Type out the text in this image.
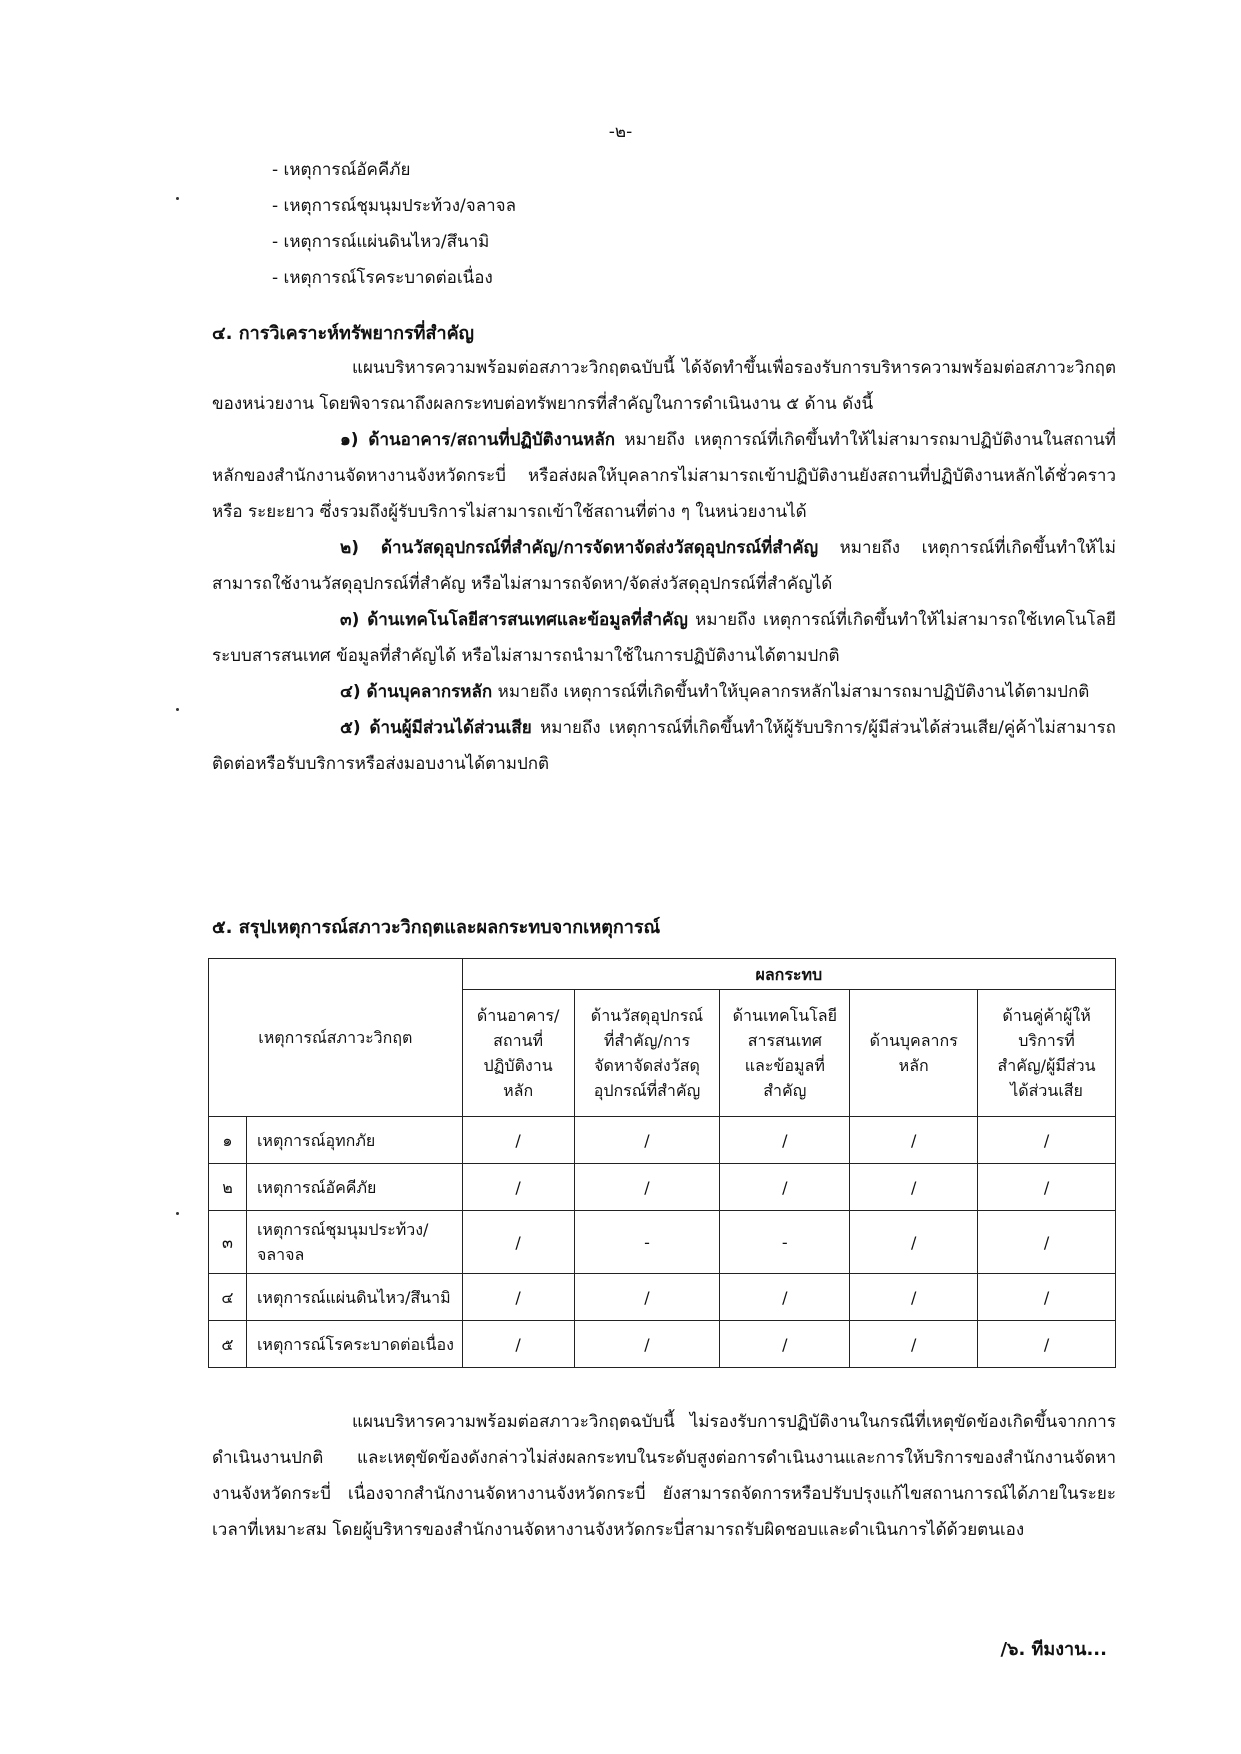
-๒-
- เหตุการณ์อัคคีภัย
- เหตุการณ์ชุมนุมประท้วง/จลาจล
- เหตุการณ์แผ่นดินไหว/สึนามิ
- เหตุการณ์โรคระบาดต่อเนื่อง
๔. การวิเคราะห์ทรัพยากรที่สำคัญ

แผนบริหารความพร้อมต่อสภาวะวิกฤตฉบับนี้ ได้จัดทำขึ้นเพื่อรองรับการบริหารความพร้อมต่อสภาวะวิกฤตของหน่วยงาน โดยพิจารณาถึงผลกระทบต่อทรัพยากรที่สำคัญในการดำเนินงาน ๕ ด้าน ดังนี้

๑) ด้านอาคาร/สถานที่ปฏิบัติงานหลัก หมายถึง เหตุการณ์ที่เกิดขึ้นทำให้ไม่สามารถมาปฏิบัติงานในสถานที่หลักของสำนักงานจัดหางานจังหวัดกระบี่ หรือส่งผลให้บุคลากรไม่สามารถเข้าปฏิบัติงานยังสถานที่ปฏิบัติงานหลักได้ชั่วคราว หรือ ระยะยาว ซึ่งรวมถึงผู้รับบริการไม่สามารถเข้าใช้สถานที่ต่าง ๆ ในหน่วยงานได้

๒) ด้านวัสดุอุปกรณ์ที่สำคัญ/การจัดหาจัดส่งวัสดุอุปกรณ์ที่สำคัญ หมายถึง เหตุการณ์ที่เกิดขึ้นทำให้ไม่สามารถใช้งานวัสดุอุปกรณ์ที่สำคัญ หรือไม่สามารถจัดหา/จัดส่งวัสดุอุปกรณ์ที่สำคัญได้

๓) ด้านเทคโนโลยีสารสนเทศและข้อมูลที่สำคัญ หมายถึง เหตุการณ์ที่เกิดขึ้นทำให้ไม่สามารถใช้เทคโนโลยี ระบบสารสนเทศ ข้อมูลที่สำคัญได้ หรือไม่สามารถนำมาใช้ในการปฏิบัติงานได้ตามปกติ

๔) ด้านบุคลากรหลัก หมายถึง เหตุการณ์ที่เกิดขึ้นทำให้บุคลากรหลักไม่สามารถมาปฏิบัติงานได้ตามปกติ

๕) ด้านผู้มีส่วนได้ส่วนเสีย หมายถึง เหตุการณ์ที่เกิดขึ้นทำให้ผู้รับบริการ/ผู้มีส่วนได้ส่วนเสีย/คู่ค้าไม่สามารถติดต่อหรือรับบริการหรือส่งมอบงานได้ตามปกติ

๕. สรุปเหตุการณ์สภาวะวิกฤตและผลกระทบจากเหตุการณ์
เหตุการณ์สภาวะวิกฤต		ผลกระทบ				
		ด้านอาคาร/
สถานที่
ปฏิบัติงาน
หลัก	ด้านวัสดุอุปกรณ์
ที่สำคัญ/การ
จัดหาจัดส่งวัสดุ
อุปกรณ์ที่สำคัญ	ด้านเทคโนโลยี
สารสนเทศ
และข้อมูลที่
สำคัญ	ด้านบุคลากร
หลัก	ด้านคู่ค้าผู้ให้
บริการที่
สำคัญ/ผู้มีส่วน
ได้ส่วนเสีย
๑	เหตุการณ์อุทกภัย	/	/	/	/	/
๒	เหตุการณ์อัคคีภัย	/	/	/	/	/
๓	เหตุการณ์ชุมนุมประท้วง/
จลาจล	/	-	-	/	/
๔	เหตุการณ์แผ่นดินไหว/สึนามิ	/	/	/	/	/
๕	เหตุการณ์โรคระบาดต่อเนื่อง	/	/	/	/	/

แผนบริหารความพร้อมต่อสภาวะวิกฤตฉบับนี้ ไม่รองรับการปฏิบัติงานในกรณีที่เหตุขัดข้องเกิดขึ้นจากการดำเนินงานปกติ และเหตุขัดข้องดังกล่าวไม่ส่งผลกระทบในระดับสูงต่อการดำเนินงานและการให้บริการของสำนักงานจัดหางานจังหวัดกระบี่ เนื่องจากสำนักงานจัดหางานจังหวัดกระบี่ ยังสามารถจัดการหรือปรับปรุงแก้ไขสถานการณ์ได้ภายในระยะเวลาที่เหมาะสม โดยผู้บริหารของสำนักงานจัดหางานจังหวัดกระบี่สามารถรับผิดชอบและดำเนินการได้ด้วยตนเอง

/๖. ทีมงาน...
